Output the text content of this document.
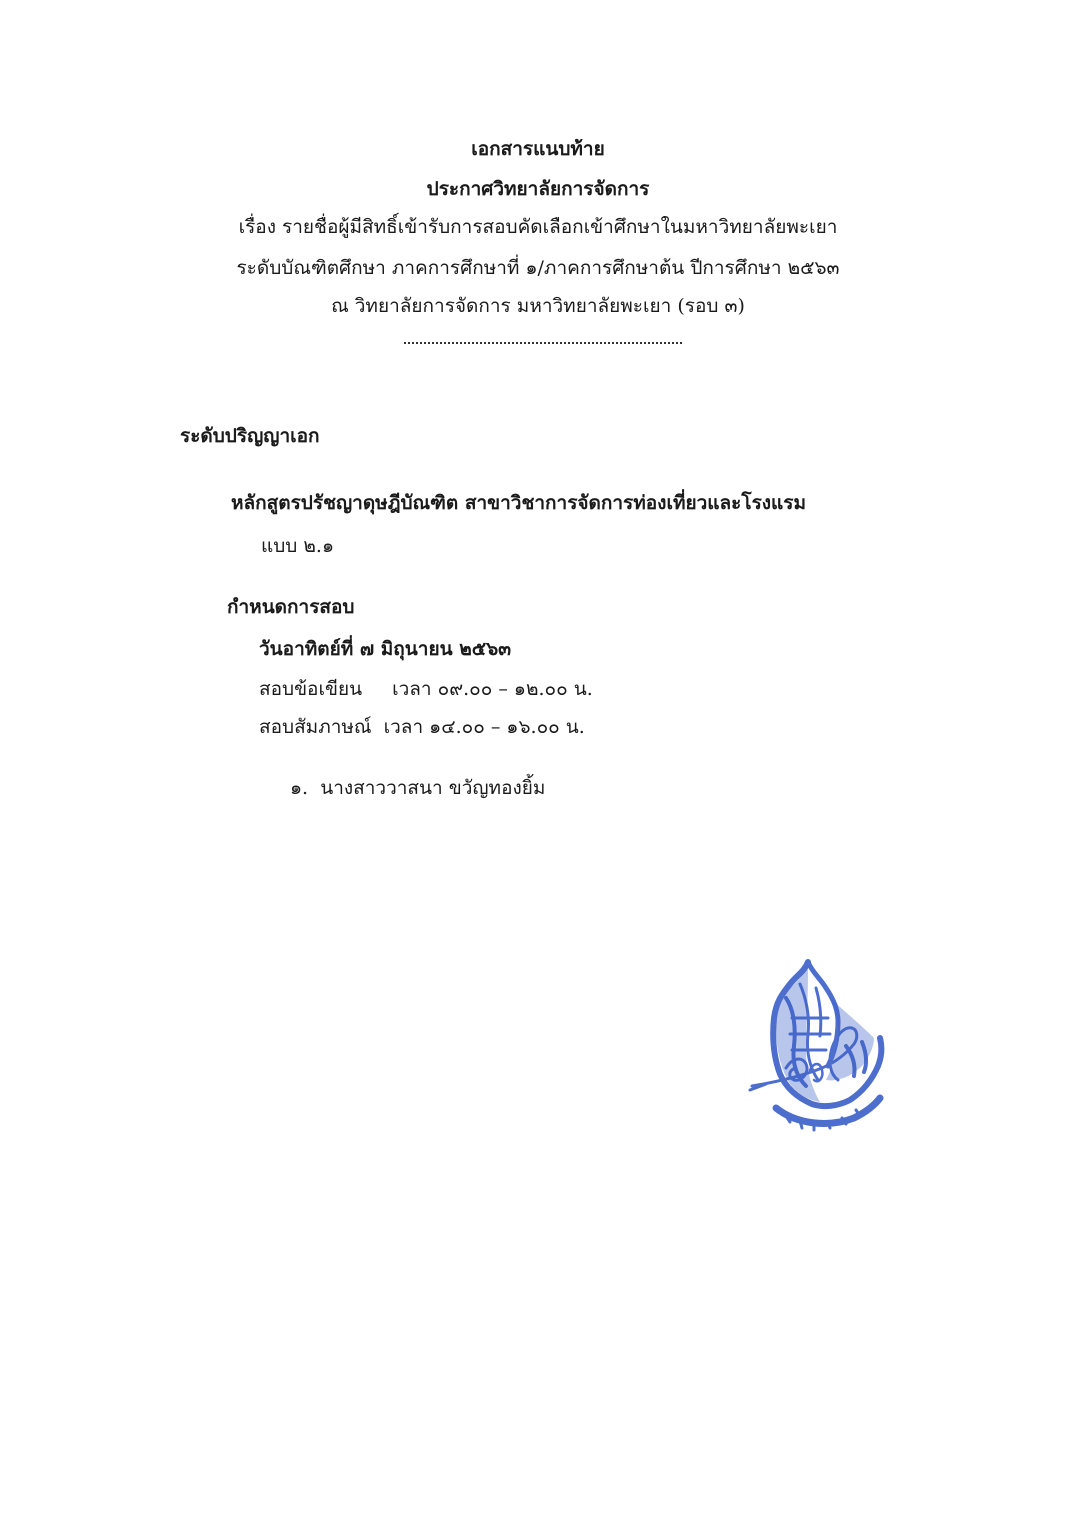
เอกสารแนบท้าย
ประกาศวิทยาลัยการจัดการ
เรื่อง รายชื่อผู้มีสิทธิ์เข้ารับการสอบคัดเลือกเข้าศึกษาในมหาวิทยาลัยพะเยา
ระดับบัณฑิตศึกษา ภาคการศึกษาที่ ๑/ภาคการศึกษาต้น ปีการศึกษา ๒๕๖๓
ณ วิทยาลัยการจัดการ มหาวิทยาลัยพะเยา (รอบ ๓)
ระดับปริญญาเอก
หลักสูตรปรัชญาดุษฎีบัณฑิต สาขาวิชาการจัดการท่องเที่ยวและโรงแรม
แบบ ๒.๑
กำหนดการสอบ
วันอาทิตย์ที่ ๗ มิถุนายน ๒๕๖๓
สอบข้อเขียน เวลา ๐๙.๐๐ – ๑๒.๐๐ น.
สอบสัมภาษณ์ เวลา ๑๔.๐๐ – ๑๖.๐๐ น.
๑. นางสาววาสนา ขวัญทองยิ้ม
